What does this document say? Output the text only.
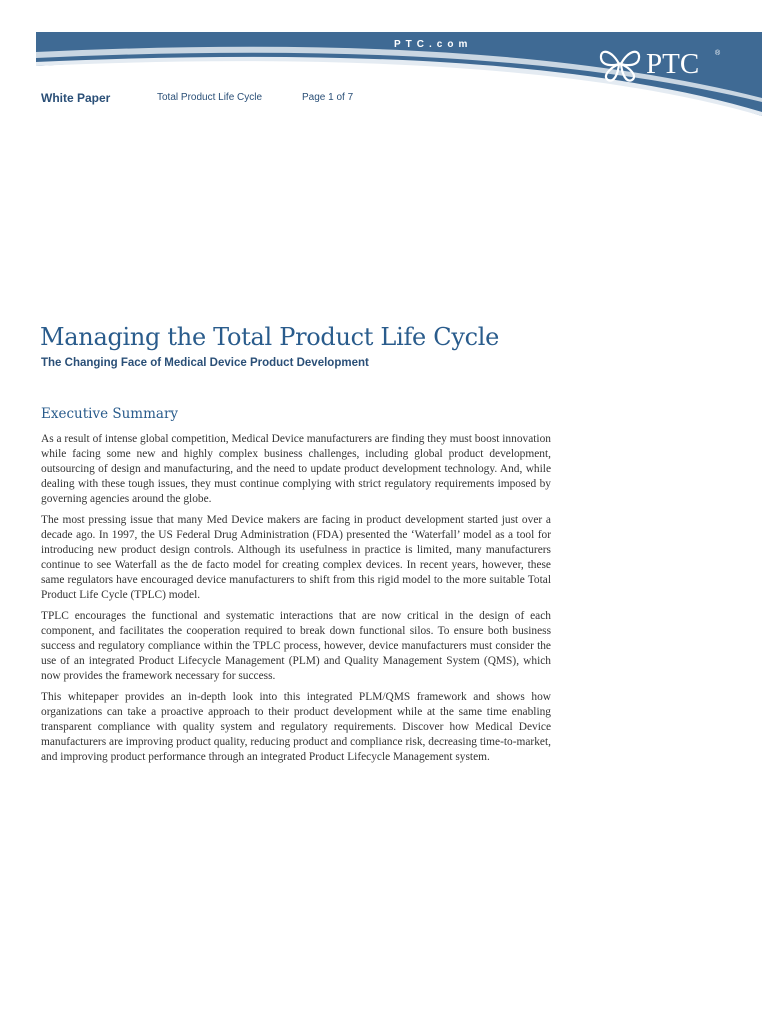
PTC.com
PTC ®
White Paper	Total Product Life Cycle	Page 1 of 7
Managing the Total Product Life Cycle
The Changing Face of Medical Device Product Development
Executive Summary

As a result of intense global competition, Medical Device manufacturers are finding they must boost innovation while facing some new and highly complex business challenges, including global product development, outsourcing of design and manufacturing, and the need to update product development technology. And, while dealing with these tough issues, they must continue complying with strict regulatory requirements imposed by governing agencies around the globe.

The most pressing issue that many Med Device makers are facing in product development started just over a decade ago. In 1997, the US Federal Drug Administration (FDA) presented the ‘Waterfall’ model as a tool for introducing new product design controls. Although its usefulness in practice is limited, many manufacturers continue to see Waterfall as the de facto model for creating complex devices. In recent years, however, these same regulators have encouraged device manufacturers to shift from this rigid model to the more suitable Total Product Life Cycle (TPLC) model.

TPLC encourages the functional and systematic interactions that are now critical in the design of each component, and facilitates the cooperation required to break down functional silos. To ensure both business success and regulatory compliance within the TPLC process, however, device manufacturers must consider the use of an integrated Product Lifecycle Management (PLM) and Quality Management System (QMS), which now provides the framework necessary for success.

This whitepaper provides an in-depth look into this integrated PLM/QMS framework and shows how organizations can take a proactive approach to their product development while at the same time enabling transparent compliance with quality system and regulatory requirements. Discover how Medical Device manufacturers are improving product quality, reducing product and compliance risk, decreasing time-to-market, and improving product performance through an integrated Product Lifecycle Management system.
